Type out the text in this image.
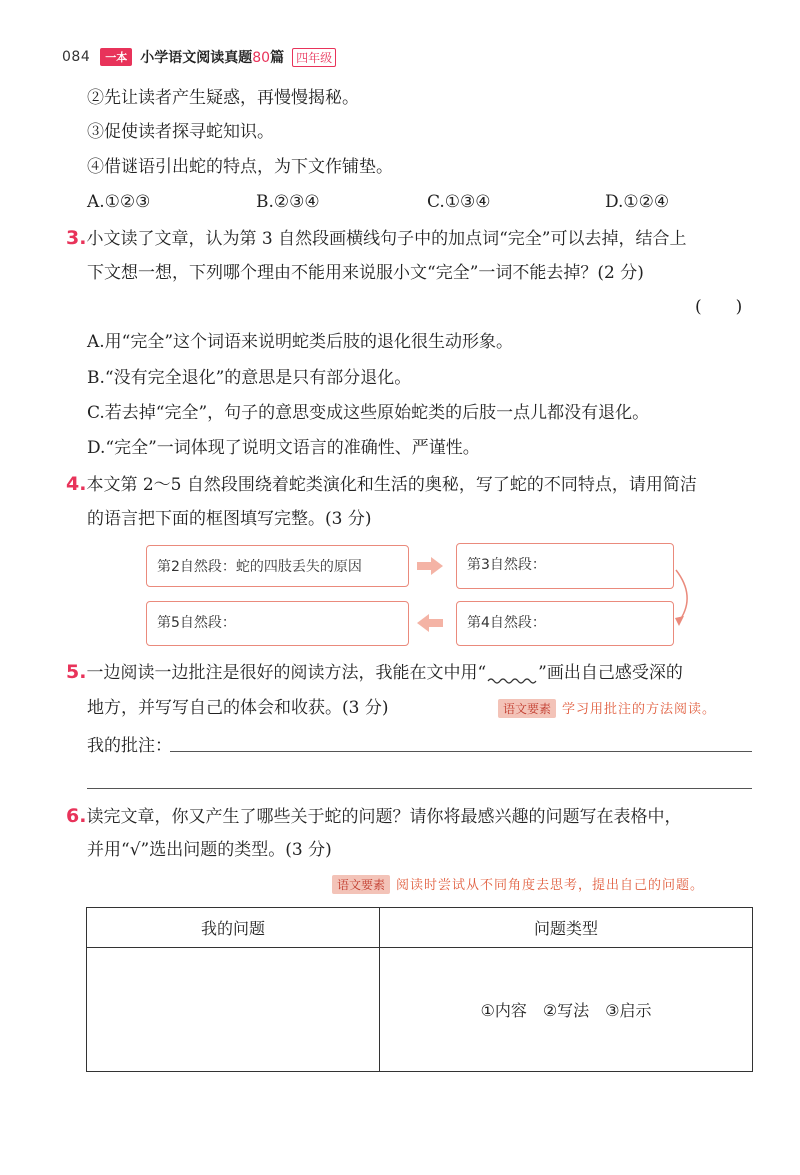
084	一本 小学语文阅读真题80篇	四年级
②先让读者产生疑惑，再慢慢揭秘。
③促使读者探寻蛇知识。
④借谜语引出蛇的特点，为下文作铺垫。
A.①②③	B.②③④	C.①③④	D.①②④
3.小文读了文章，认为第 3 自然段画横线句子中的加点词“完全”可以去掉，结合上
下文想一想，下列哪个理由不能用来说服小文“完全”一词不能去掉？(2 分)
(　　)
A.用“完全”这个词语来说明蛇类后肢的退化很生动形象。
B.“没有完全退化”的意思是只有部分退化。
C.若去掉“完全”，句子的意思变成这些原始蛇类的后肢一点儿都没有退化。
D.“完全”一词体现了说明文语言的准确性、严谨性。
4.本文第 2～5 自然段围绕着蛇类演化和生活的奥秘，写了蛇的不同特点，请用简洁
的语言把下面的框图填写完整。(3 分)
第2自然段：蛇的四肢丢失的原因	第3自然段：
第5自然段：	第4自然段：
5.一边阅读一边批注是很好的阅读方法，我能在文中用“	”画出自己感受深的
地方，并写写自己的体会和收获。(3 分)	语文要素 学习用批注的方法阅读。
我的批注：
6.读完文章，你又产生了哪些关于蛇的问题？请你将最感兴趣的问题写在表格中，
并用“√”选出问题的类型。(3 分)
语文要素 阅读时尝试从不同角度去思考，提出自己的问题。
我的问题	问题类型
	①内容　②写法　③启示
